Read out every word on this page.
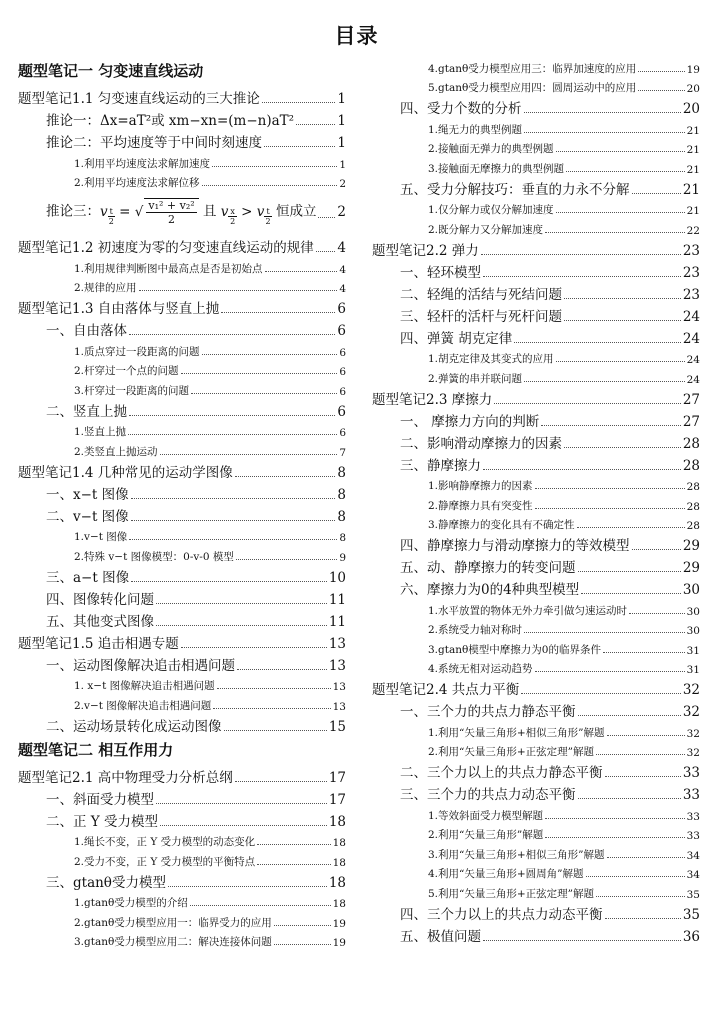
目录
题型笔记一 匀变速直线运动
题型笔记1.1 匀变速直线运动的三大推论	1
推论一：Δx=aT²或 xm−xn=(m−n)aT²	1
推论二：平均速度等于中间时刻速度	1
1.利用平均速度法求解加速度	1
2.利用平均速度法求解位移	2
推论三：v $_{\frac{t}{2}}$ = √ $\frac{\text{v₁² + v₂²}}{2}$ 且 v $_{\frac{x}{2}}$ > v $_{\frac{t}{2}}$ 恒成立 2
题型笔记1.2 初速度为零的匀变速直线运动的规律 4
1.利用规律判断图中最高点是否是初始点	4
2.规律的应用	4
题型笔记1.3 自由落体与竖直上抛	6
一、自由落体	6
1.质点穿过一段距离的问题	6
2.杆穿过一个点的问题	6
3.杆穿过一段距离的问题	6
二、竖直上抛	6
1.竖直上抛	6
2.类竖直上抛运动	7
题型笔记1.4 几种常见的运动学图像	8
一、x−t 图像	8
二、v−t 图像	8
1.v−t 图像	8
2.特殊 v−t 图像模型：0-v-0 模型	9
三、a−t 图像	10
四、图像转化问题	11
五、其他变式图像	11
题型笔记1.5 追击相遇专题	13
一、运动图像解决追击相遇问题	13
1. x−t 图像解决追击相遇问题	13
2.v−t 图像解决追击相遇问题	13
二、运动场景转化成运动图像	15
题型笔记二 相互作用力
题型笔记2.1 高中物理受力分析总纲	17
一、斜面受力模型	17
二、正 Y 受力模型	18
1.绳长不变，正 Y 受力模型的动态变化	18
2.受力不变，正 Y 受力模型的平衡特点	18
三、gtanθ受力模型	18
1.gtanθ受力模型的介绍	18
2.gtanθ受力模型应用一：临界受力的应用	19
3.gtanθ受力模型应用二：解决连接体问题	19
4.gtanθ受力模型应用三：临界加速度的应用	19
5.gtanθ受力模型应用四：圆周运动中的应用	20
四、受力个数的分析	20
1.绳无力的典型例题	21
2.接触面无弹力的典型例题	21
3.接触面无摩擦力的典型例题	21
五、受力分解技巧：垂直的力永不分解	21
1.仅分解力或仅分解加速度	21
2.既分解力又分解加速度	22
题型笔记2.2 弹力	23
一、轻环模型	23
二、轻绳的活结与死结问题	23
三、轻杆的活杆与死杆问题	24
四、弹簧 胡克定律	24
1.胡克定律及其变式的应用	24
2.弹簧的串并联问题	24
题型笔记2.3 摩擦力	27
一、 摩擦力方向的判断	27
二、影响滑动摩擦力的因素	28
三、静摩擦力	28
1.影响静摩擦力的因素	28
2.静摩擦力具有突变性	28
3.静摩擦力的变化具有不确定性	28
四、静摩擦力与滑动摩擦力的等效模型	29
五、动、静摩擦力的转变问题	29
六、摩擦力为0的4种典型模型	30
1.水平放置的物体无外力牵引做匀速运动时	30
2.系统受力轴对称时	30
3.gtanθ模型中摩擦力为0的临界条件	31
4.系统无相对运动趋势	31
题型笔记2.4 共点力平衡	32
一、三个力的共点力静态平衡	32
1.利用“矢量三角形+相似三角形”解题	32
2.利用“矢量三角形+正弦定理”解题	32
二、三个力以上的共点力静态平衡	33
三、三个力的共点力动态平衡	33
1.等效斜面受力模型解题	33
2.利用“矢量三角形”解题	33
3.利用“矢量三角形+相似三角形”解题	34
4.利用“矢量三角形+圆周角”解题	34
5.利用“矢量三角形+正弦定理”解题	35
四、三个力以上的共点力动态平衡	35
五、极值问题	36
